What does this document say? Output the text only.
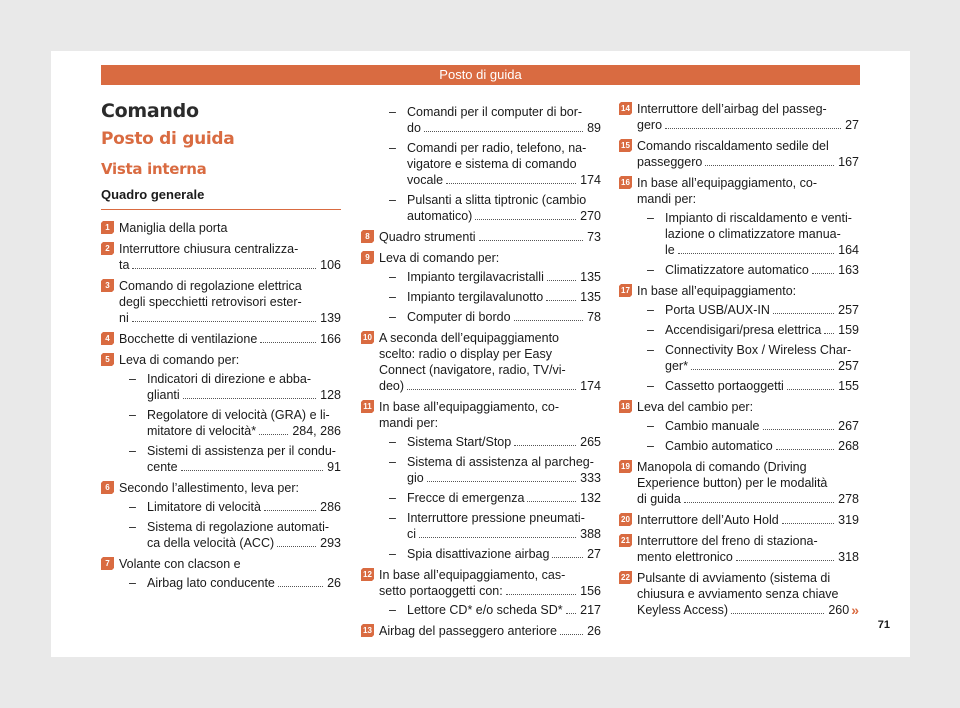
Posto di guida
Comando
Posto di guida
Vista interna
Quadro generale
1 Maniglia della porta
2 Interruttore chiusura centralizza-
ta	106
3 Comando di regolazione elettrica
degli specchietti retrovisori ester-
ni	139
4 Bocchette di ventilazione	166
5 Leva di comando per:
– Indicatori di direzione e abba-
glianti	128
– Regolatore di velocità (GRA) e li-
mitatore di velocità*	284, 286
– Sistemi di assistenza per il condu-
cente	91
6 Secondo l’allestimento, leva per:
– Limitatore di velocità	286
– Sistema di regolazione automati-
ca della velocità (ACC)	293
7 Volante con clacson e
– Airbag lato conducente	26
– Comandi per il computer di bor-
do	89
– Comandi per radio, telefono, na-
vigatore e sistema di comando
vocale	174
– Pulsanti a slitta tiptronic (cambio
automatico)	270
8 Quadro strumenti	73
9 Leva di comando per:
– Impianto tergilavacristalli	135
– Impianto tergilavalunotto	135
– Computer di bordo	78
10 A seconda dell’equipaggiamento
scelto: radio o display per Easy
Connect (navigatore, radio, TV/vi-
deo)	174
11 In base all’equipaggiamento, co-
mandi per:
– Sistema Start/Stop	265
– Sistema di assistenza al parcheg-
gio	333
– Frecce di emergenza	132
– Interruttore pressione pneumati-
ci	388
– Spia disattivazione airbag	27
12 In base all’equipaggiamento, cas-
setto portaoggetti con:	156
– Lettore CD* e/o scheda SD* 217
13 Airbag del passeggero anteriore 26
14 Interruttore dell’airbag del passeg-
gero	27
15 Comando riscaldamento sedile del
passeggero	167
16 In base all’equipaggiamento, co-
mandi per:
– Impianto di riscaldamento e venti-
lazione o climatizzatore manua-
le	164
– Climatizzatore automatico 163
17 In base all’equipaggiamento:
– Porta USB/AUX-IN	257
– Accendisigari/presa elettrica 159
– Connectivity Box / Wireless Char-
ger*	257
– Cassetto portaoggetti	155
18 Leva del cambio per:
– Cambio manuale	267
– Cambio automatico	268
19 Manopola di comando (Driving
Experience button) per le modalità
di guida	278
20 Interruttore dell’Auto Hold	319
21 Interruttore del freno di staziona-
mento elettronico	318
22 Pulsante di avviamento (sistema di
chiusura e avviamento senza chiave
Keyless Access)	260 »
71
